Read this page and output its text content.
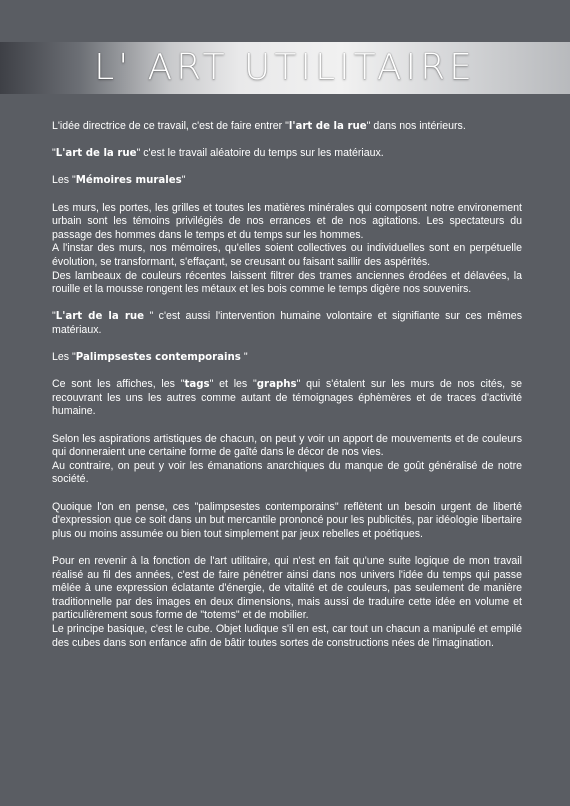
L' ART UTILITAIRE

L'idée directrice de ce travail, c'est de faire entrer "l'art de la rue" dans nos intérieurs.

"L'art de la rue" c'est le travail aléatoire du temps sur les matériaux.

Les "Mémoires murales"

Les murs, les portes, les grilles et toutes les matières minérales qui composent notre environement urbain sont les témoins privilégiés de nos errances et de nos agitations. Les spectateurs du passage des hommes dans le temps et du temps sur les hommes.
A l'instar des murs, nos mémoires, qu'elles soient collectives ou individuelles sont en perpétuelle évolution, se transformant, s'effaçant, se creusant ou faisant saillir des aspérités.
Des lambeaux de couleurs récentes laissent filtrer des trames anciennes érodées et délavées, la rouille et la mousse rongent les métaux et les bois comme le temps digère nos souvenirs.

"L'art de la rue " c'est aussi l'intervention humaine volontaire et signifiante sur ces mêmes matériaux.

Les "Palimpsestes contemporains "

Ce sont les affiches, les "tags" et les "graphs" qui s'étalent sur les murs de nos cités, se recouvrant les uns les autres comme autant de témoignages éphèmères et de traces d'activité humaine.

Selon les aspirations artistiques de chacun, on peut y voir un apport de mouvements et de couleurs qui donneraient une certaine forme de gaîté dans le décor de nos vies.
Au contraire, on peut y voir les émanations anarchiques du manque de goût généralisé de notre société.

Quoique l'on en pense, ces "palimpsestes contemporains" reflètent un besoin urgent de liberté d'expression que ce soit dans un but mercantile prononcé pour les publicités, par idéologie libertaire plus ou moins assumée ou bien tout simplement par jeux rebelles et poétiques.

Pour en revenir à la fonction de l'art utilitaire, qui n'est en fait qu'une suite logique de mon travail réalisé au fil des années, c'est de faire pénétrer ainsi dans nos univers l'idée du temps qui passe mêlée à une expression éclatante d'énergie, de vitalité et de couleurs, pas seulement de manière traditionnelle par des images en deux dimensions, mais aussi de traduire cette idée en volume et particulièrement sous forme de "totems" et de mobilier.
Le principe basique, c'est le cube. Objet ludique s'il en est, car tout un chacun a manipulé et empilé des cubes dans son enfance afin de bâtir toutes sortes de constructions nées de l'imagination.
